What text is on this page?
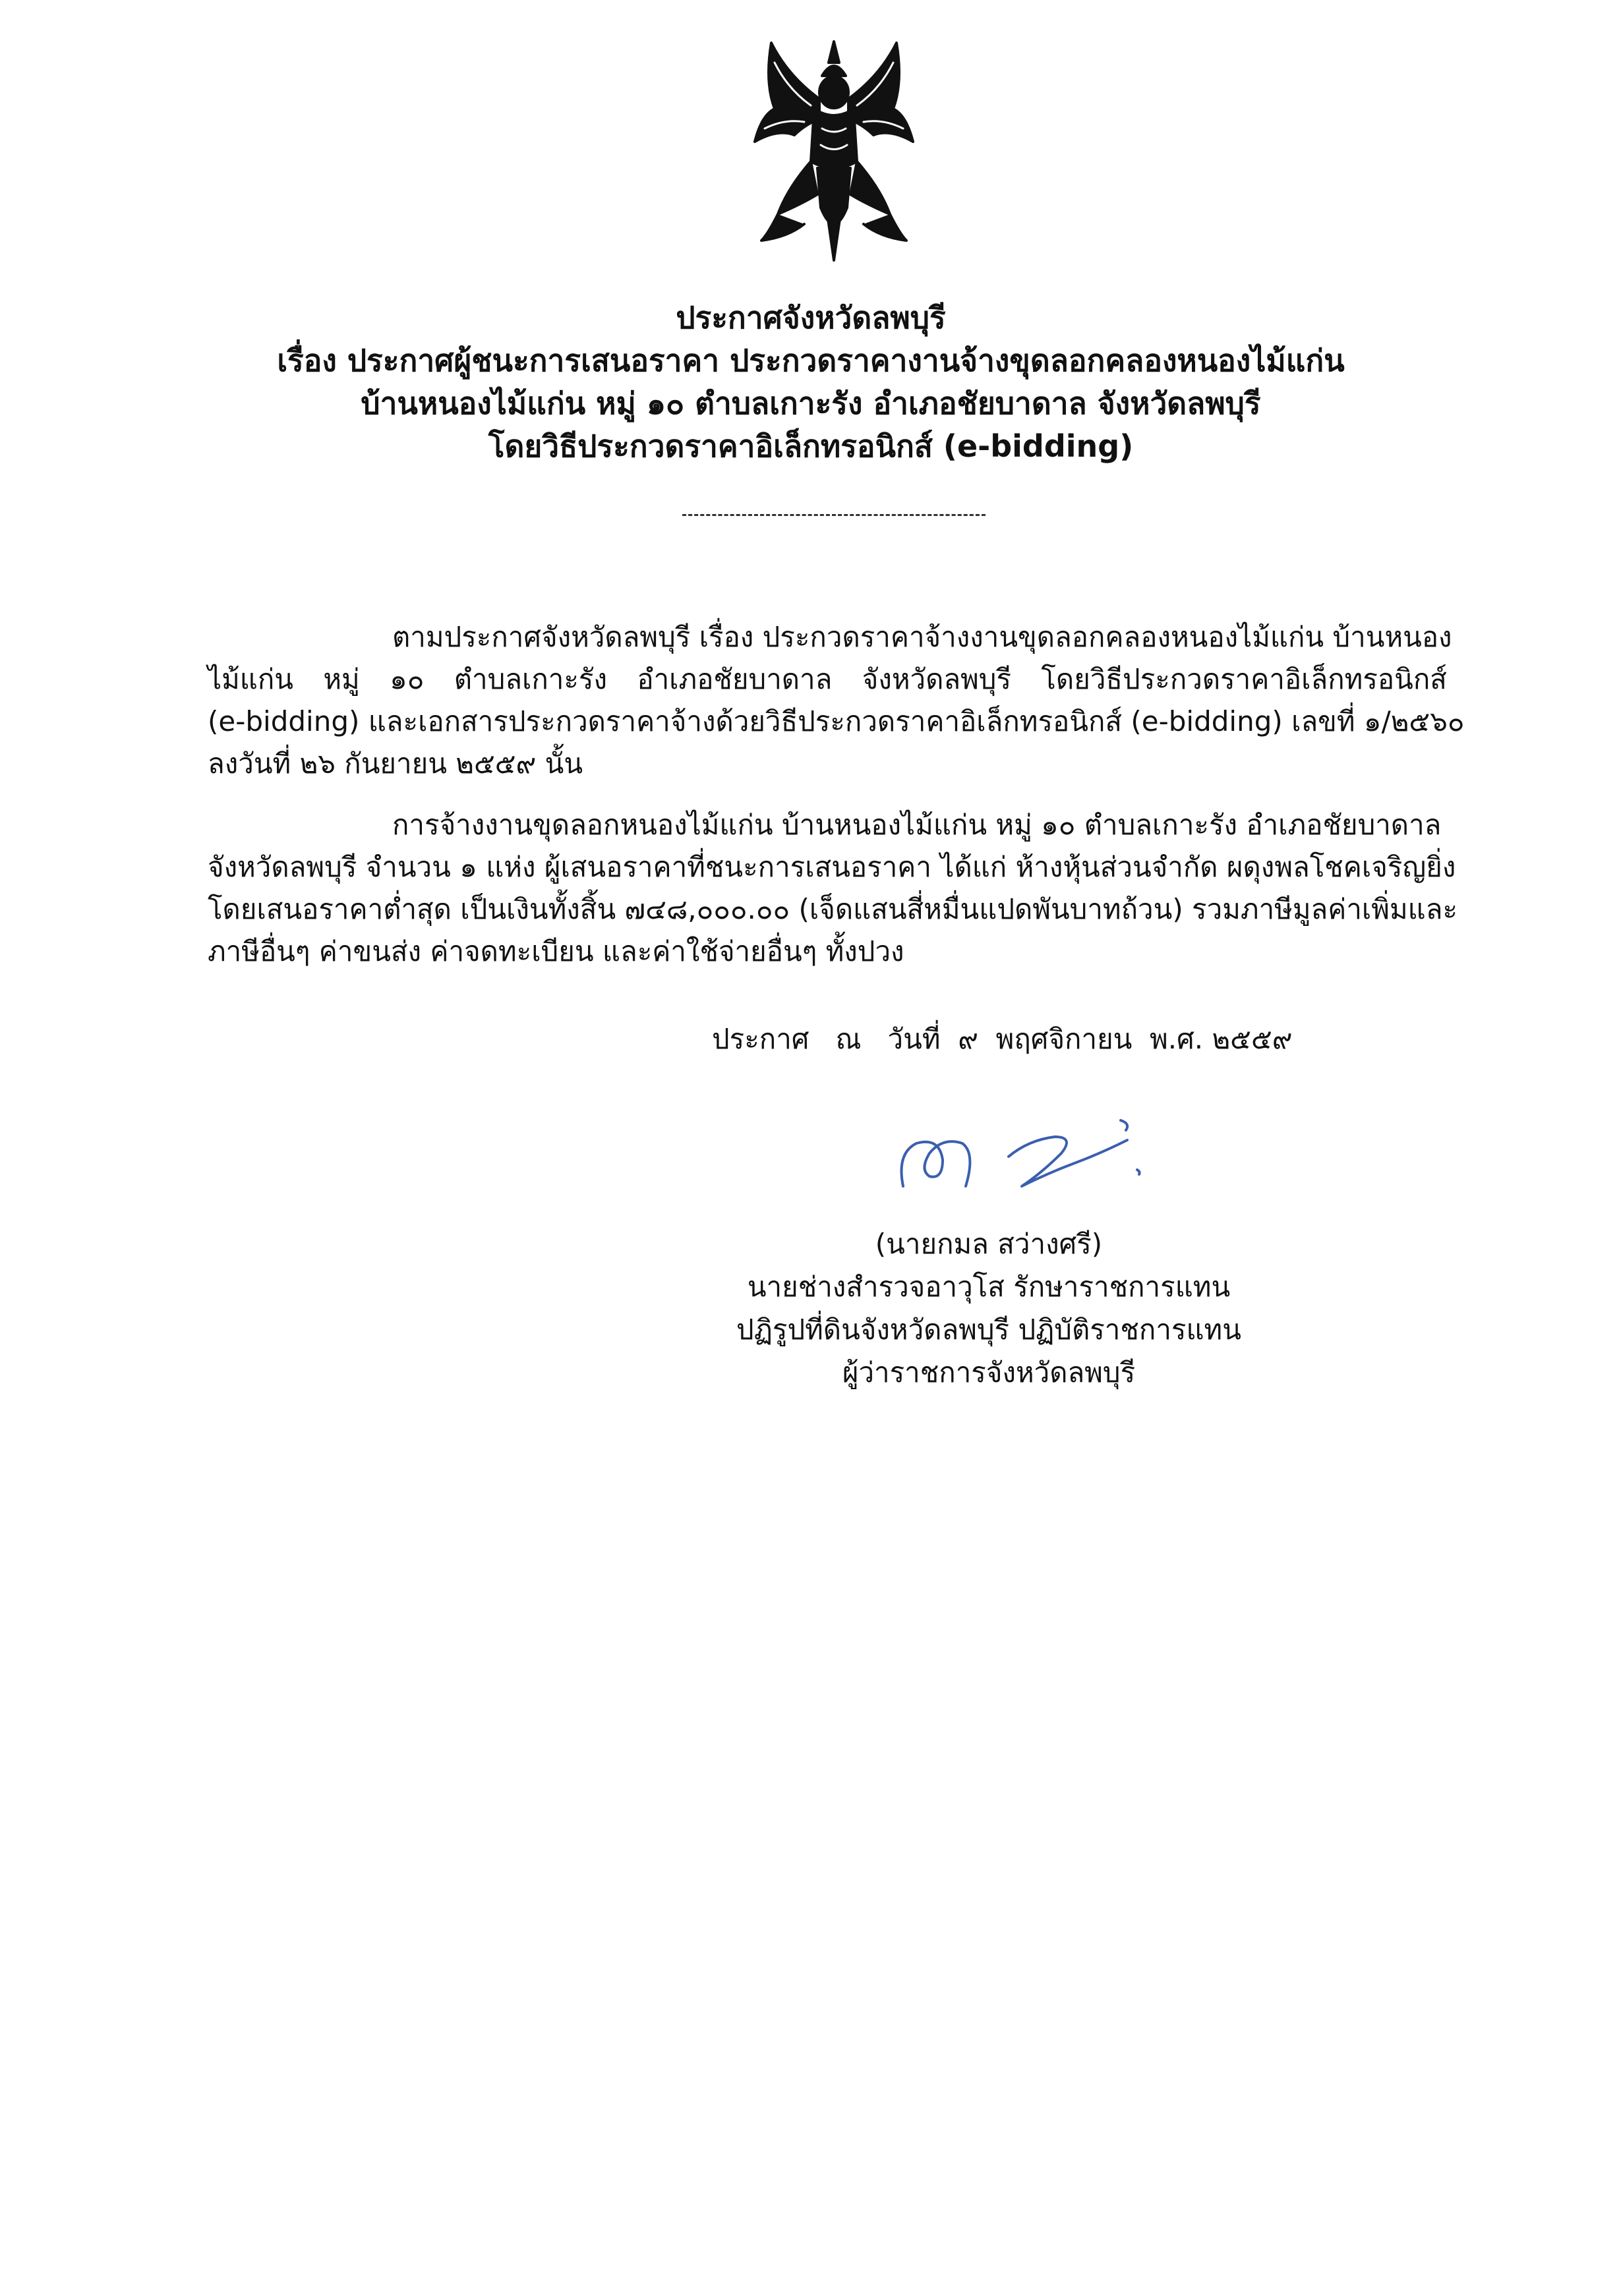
ประกาศจังหวัดลพบุรี
เรื่อง ประกาศผู้ชนะการเสนอราคา ประกวดราคางานจ้างขุดลอกคลองหนองไม้แก่น
บ้านหนองไม้แก่น หมู่ ๑๐ ตำบลเกาะรัง อำเภอชัยบาดาล จังหวัดลพบุรี
โดยวิธีประกวดราคาอิเล็กทรอนิกส์ (e-bidding)
ตามประกาศจังหวัดลพบุรี เรื่อง ประกวดราคาจ้างงานขุดลอกคลองหนองไม้แก่น บ้านหนอง
ไม้แก่น หมู่ ๑๐ ตำบลเกาะรัง อำเภอชัยบาดาล จังหวัดลพบุรี โดยวิธีประกวดราคาอิเล็กทรอนิกส์
(e-bidding) และเอกสารประกวดราคาจ้างด้วยวิธีประกวดราคาอิเล็กทรอนิกส์ (e-bidding) เลขที่ ๑/๒๕๖๐
ลงวันที่ ๒๖ กันยายน ๒๕๕๙ นั้น
การจ้างงานขุดลอกหนองไม้แก่น บ้านหนองไม้แก่น หมู่ ๑๐ ตำบลเกาะรัง อำเภอชัยบาดาล
จังหวัดลพบุรี จำนวน ๑ แห่ง ผู้เสนอราคาที่ชนะการเสนอราคา ได้แก่ ห้างหุ้นส่วนจำกัด ผดุงพลโชคเจริญยิ่ง
โดยเสนอราคาต่ำสุด เป็นเงินทั้งสิ้น ๗๔๘,๐๐๐.๐๐ (เจ็ดแสนสี่หมื่นแปดพันบาทถ้วน) รวมภาษีมูลค่าเพิ่มและ
ภาษีอื่นๆ ค่าขนส่ง ค่าจดทะเบียน และค่าใช้จ่ายอื่นๆ ทั้งปวง
ประกาศ   ณ   วันที่  ๙  พฤศจิกายน  พ.ศ. ๒๕๕๙
(นายกมล สว่างศรี)
นายช่างสำรวจอาวุโส รักษาราชการแทน
ปฏิรูปที่ดินจังหวัดลพบุรี ปฏิบัติราชการแทน
ผู้ว่าราชการจังหวัดลพบุรี
